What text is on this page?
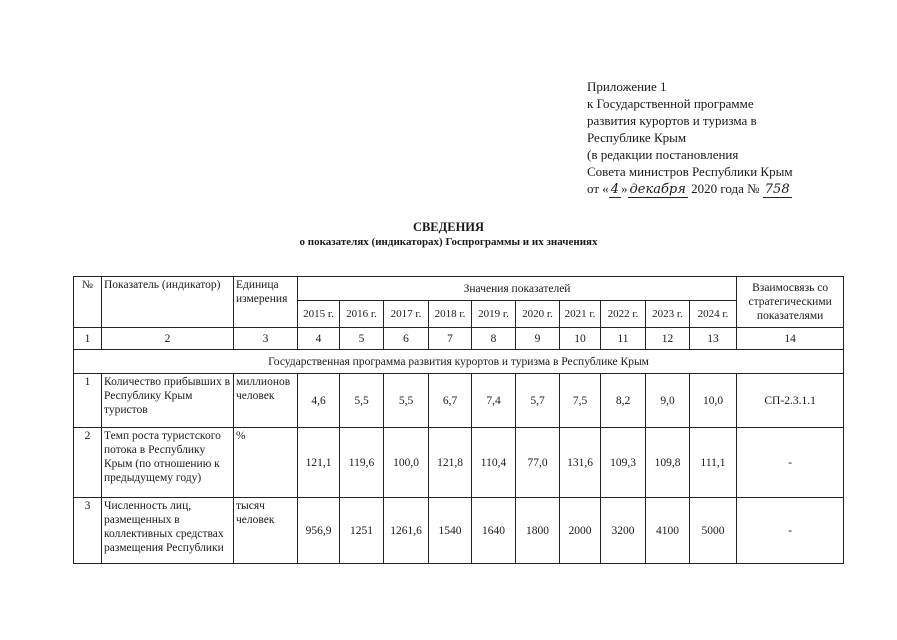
Приложение 1
к Государственной программе
развития курортов и туризма в
Республике Крым
(в редакции постановления
Совета министров Республики Крым
от « 4 » декабря 2020 года № 758
СВЕДЕНИЯ
о показателях (индикаторах) Госпрограммы и их значениях
№	Показатель (индикатор)	Единица измерения	Значения показателей										Взаимосвязь со стратегическими показателями
			2015 г.	2016 г.	2017 г.	2018 г.	2019 г.	2020 г.	2021 г.	2022 г.	2023 г.	2024 г.	
1	2	3	4	5	6	7	8	9	10	11	12	13	14
Государственная программа развития курортов и туризма в Республике Крым													
1	Количество прибывших в Республику Крым туристов	миллионов человек	4,6	5,5	5,5	6,7	7,4	5,7	7,5	8,2	9,0	10,0	СП-2.3.1.1
2	Темп роста туристского потока в Республику Крым (по отношению к предыдущему году)	%	121,1	119,6	100,0	121,8	110,4	77,0	131,6	109,3	109,8	111,1	-
3	Численность лиц, размещенных в коллективных средствах размещения Республики	тысяч человек	956,9	1251	1261,6	1540	1640	1800	2000	3200	4100	5000	-
